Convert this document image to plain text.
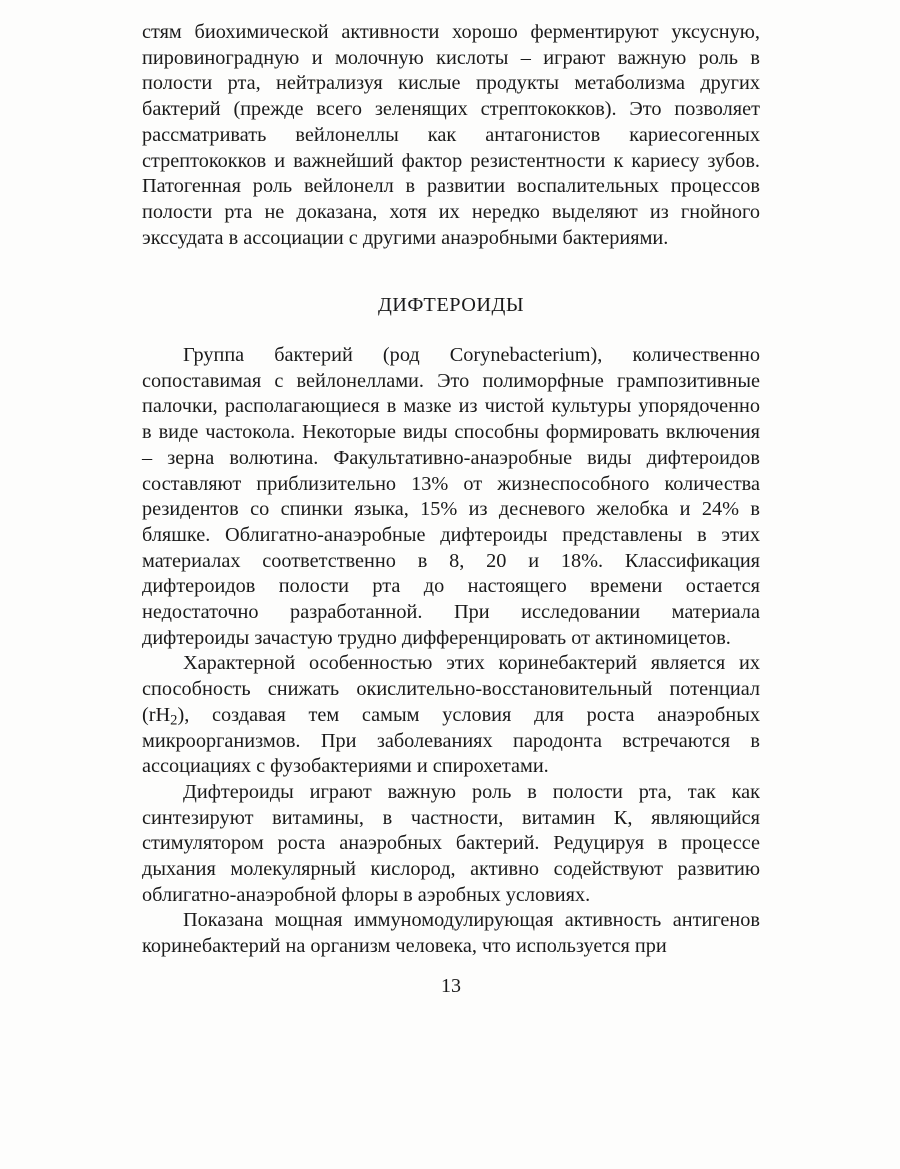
стям биохимической активности хорошо ферментируют уксусную, пировиноградную и молочную кислоты – играют важную роль в полости рта, нейтрализуя кислые продукты метаболизма других бактерий (прежде всего зеленящих стрептококков). Это позволяет рассматривать вейлонеллы как антагонистов кариесогенных стрептококков и важнейший фактор резистентности к кариесу зубов. Патогенная роль вейлонелл в развитии воспалительных процессов полости рта не доказана, хотя их нередко выделяют из гнойного экссудата в ассоциации с другими анаэробными бактериями.

ДИФТЕРОИДЫ

Группа бактерий (род Corynebacterium), количественно сопоставимая с вейлонеллами. Это полиморфные грампозитивные палочки, располагающиеся в мазке из чистой культуры упорядоченно в виде частокола. Некоторые виды способны формировать включения – зерна волютина. Факультативно-анаэробные виды дифтероидов составляют приблизительно 13% от жизнеспособного количества резидентов со спинки языка, 15% из десневого желобка и 24% в бляшке. Облигатно-анаэробные дифтероиды представлены в этих материалах соответственно в 8, 20 и 18%. Классификация дифтероидов полости рта до настоящего времени остается недостаточно разработанной. При исследовании материала дифтероиды зачастую трудно дифференцировать от актиномицетов.

Характерной особенностью этих коринебактерий является их способность снижать окислительно-восстановительный потенциал $(rH_2)$, создавая тем самым условия для роста анаэробных микроорганизмов. При заболеваниях пародонта встречаются в ассоциациях с фузобактериями и спирохетами.

Дифтероиды играют важную роль в полости рта, так как синтезируют витамины, в частности, витамин К, являющийся стимулятором роста анаэробных бактерий. Редуцируя в процессе дыхания молекулярный кислород, активно содействуют развитию облигатно-анаэробной флоры в аэробных условиях.

Показана мощная иммуномодулирующая активность антигенов коринебактерий на организм человека, что используется при

13
